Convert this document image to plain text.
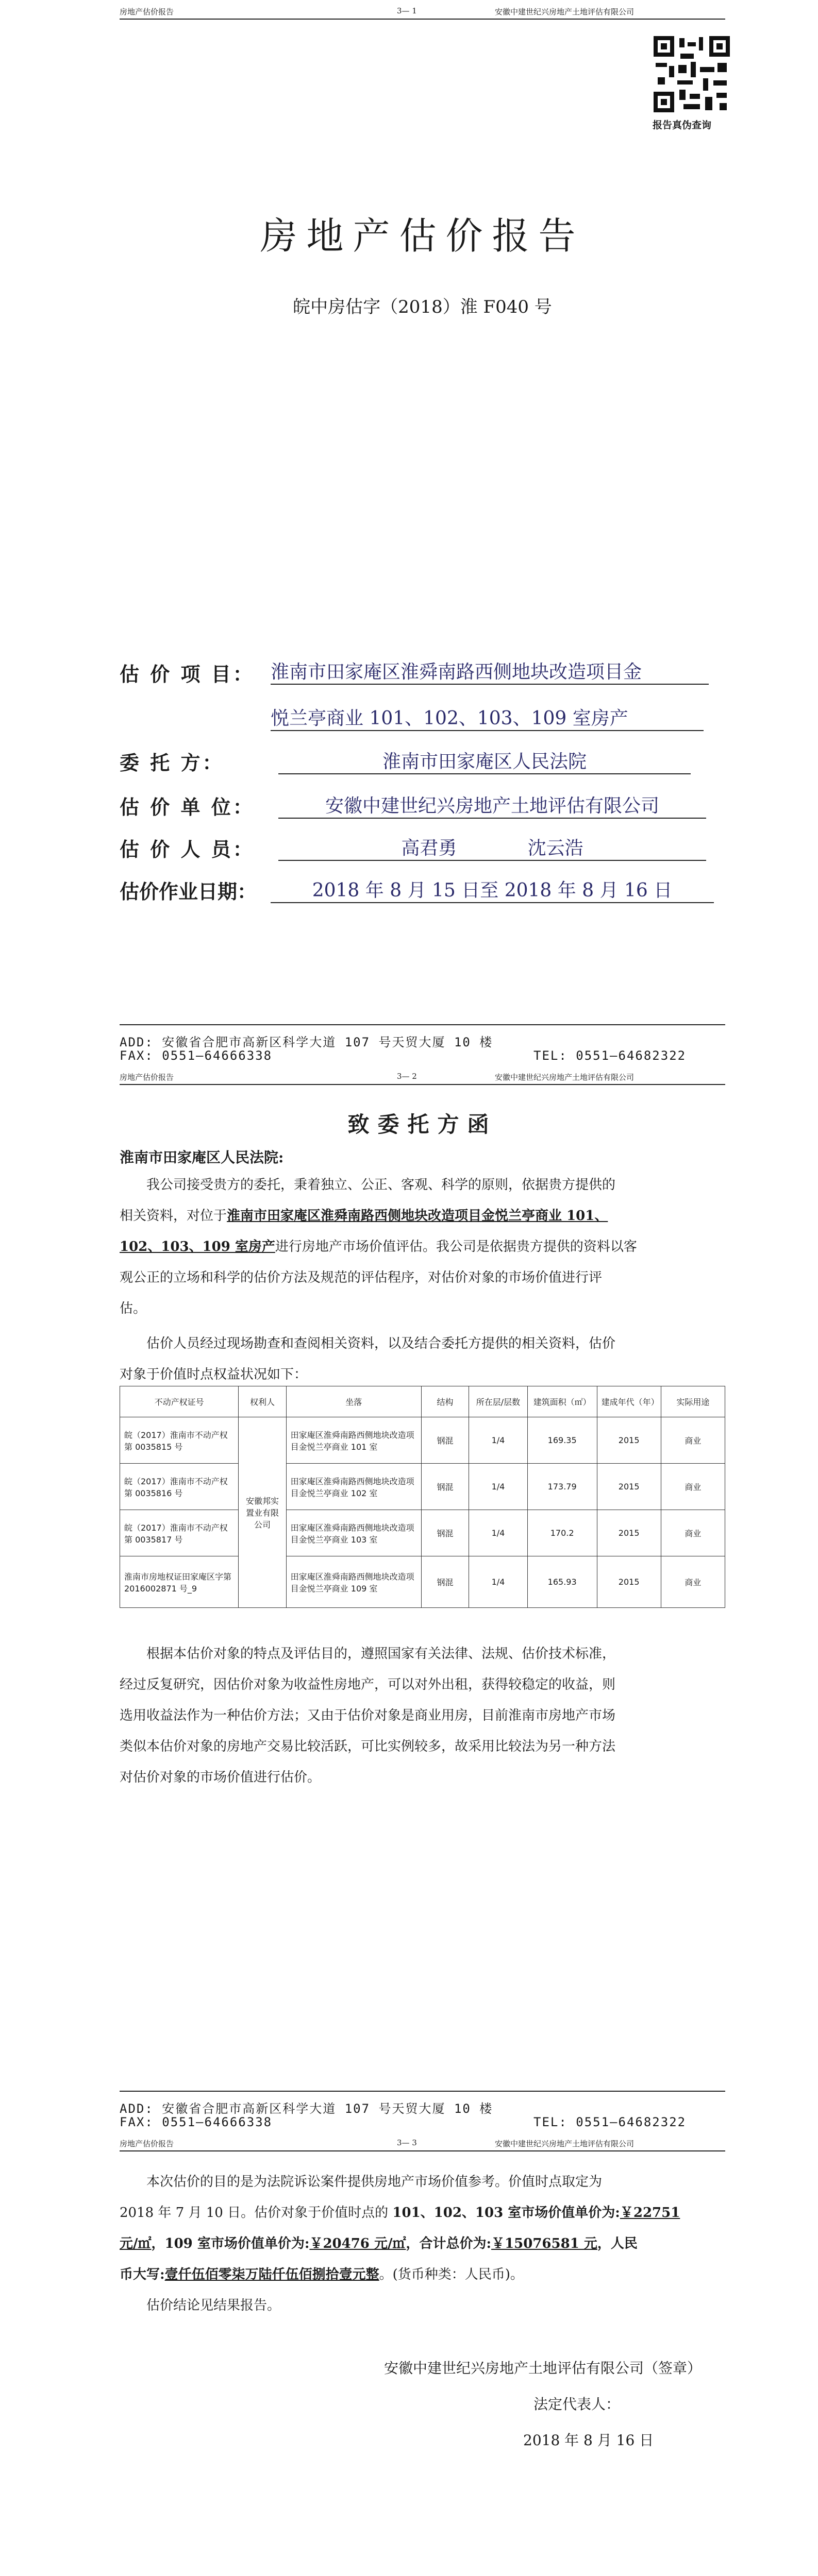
房地产估价报告	3— 1	安徽中建世纪兴房地产土地评估有限公司
报告真伪查询
房地产估价报告
皖中房估字（2018）淮 F040 号
估 价 项 目： 淮南市田家庵区淮舜南路西侧地块改造项目金
悦兰亭商业 101、102、103、109 室房产
委 托 方：	淮南市田家庵区人民法院
估 价 单 位：	安徽中建世纪兴房地产土地评估有限公司
估 价 人 员：	高君勇            沈云浩
估价作业日期：	2018 年 8 月 15 日至 2018 年 8 月 16 日
ADD: 安徽省合肥市高新区科学大道 107 号天贸大厦 10 楼
FAX: 0551—64666338	TEL: 0551—64682322
房地产估价报告	3— 2	安徽中建世纪兴房地产土地评估有限公司
致委托方函
淮南市田家庵区人民法院:
我公司接受贵方的委托，秉着独立、公正、客观、科学的原则，依据贵方提供的
相关资料，对位于淮南市田家庵区淮舜南路西侧地块改造项目金悦兰亭商业 101、
102、103、109 室房产进行房地产市场价值评估。我公司是依据贵方提供的资料以客
观公正的立场和科学的估价方法及规范的评估程序，对估价对象的市场价值进行评
估。
估价人员经过现场勘查和查阅相关资料，以及结合委托方提供的相关资料，估价
对象于价值时点权益状况如下：
不动产权证号	权利人	坐落	结构	所在层/层数	建筑面积（㎡）	建成年代（年）	实际用途
皖（2017）淮南市不动产权第 0035815 号	安徽邦实置业有限公司	田家庵区淮舜南路西侧地块改造项目金悦兰亭商业 101 室	钢混	1/4	169.35	2015	商业
皖（2017）淮南市不动产权第 0035816 号		田家庵区淮舜南路西侧地块改造项目金悦兰亭商业 102 室	钢混	1/4	173.79	2015	商业
皖（2017）淮南市不动产权第 0035817 号		田家庵区淮舜南路西侧地块改造项目金悦兰亭商业 103 室	钢混	1/4	170.2	2015	商业
淮南市房地权证田家庵区字第 2016002871 号_9		田家庵区淮舜南路西侧地块改造项目金悦兰亭商业 109 室	钢混	1/4	165.93	2015	商业
根据本估价对象的特点及评估目的，遵照国家有关法律、法规、估价技术标准，
经过反复研究，因估价对象为收益性房地产，可以对外出租，获得较稳定的收益，则
选用收益法作为一种估价方法；又由于估价对象是商业用房，目前淮南市房地产市场
类似本估价对象的房地产交易比较活跃，可比实例较多，故采用比较法为另一种方法
对估价对象的市场价值进行估价。
ADD: 安徽省合肥市高新区科学大道 107 号天贸大厦 10 楼
FAX: 0551—64666338	TEL: 0551—64682322
房地产估价报告	3— 3	安徽中建世纪兴房地产土地评估有限公司
本次估价的目的是为法院诉讼案件提供房地产市场价值参考。价值时点取定为
2018 年 7 月 10 日。估价对象于价值时点的 101、102、103 室市场价值单价为:￥22751
元/㎡，109 室市场价值单价为:￥20476 元/㎡，合计总价为:￥15076581 元，人民
币大写:壹仟伍佰零柒万陆仟伍佰捌拾壹元整。(货币种类：人民币)。
估价结论见结果报告。
安徽中建世纪兴房地产土地评估有限公司（签章）
法定代表人：
2018 年 8 月 16 日
